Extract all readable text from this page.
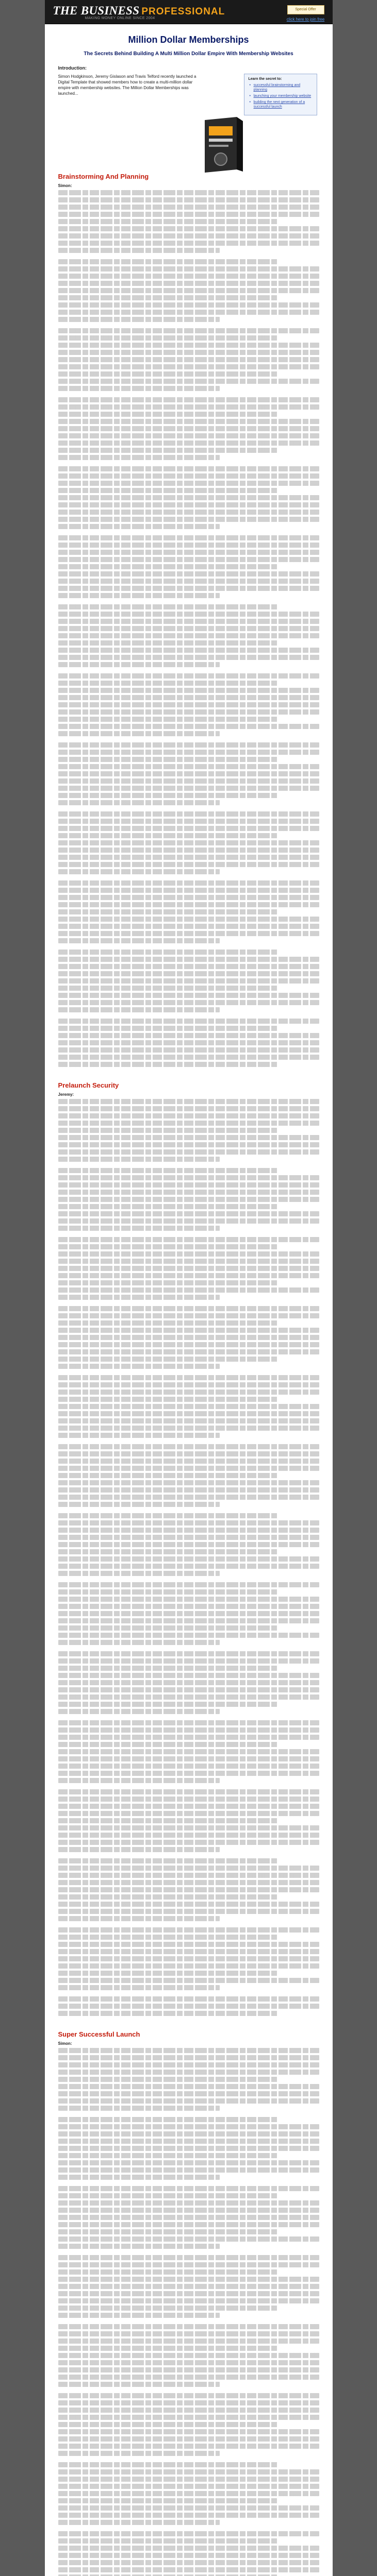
THE BUSINESS PROFESSIONAL
MAKING MONEY ONLINE SINCE 2004
Special Offer
click here to join free
Million Dollar Memberships
The Secrets Behind Building A Multi Million Dollar Empire With Membership Websites
Learn the secret to:
• successful brainstorming and planning
• launching your membership website
• building the next generation of a successful launch
Introduction:

Simon Hodgkinson, Jeremy Gislason and Travis Telford recently launched a Digital Template that showed members how to create a multi-million dollar empire with membership websites. The Million Dollar Memberships was launched...

Brainstorming And Planning
Simon:
Prelaunch Security
Jeremy:
Super Successful Launch
Simon:
